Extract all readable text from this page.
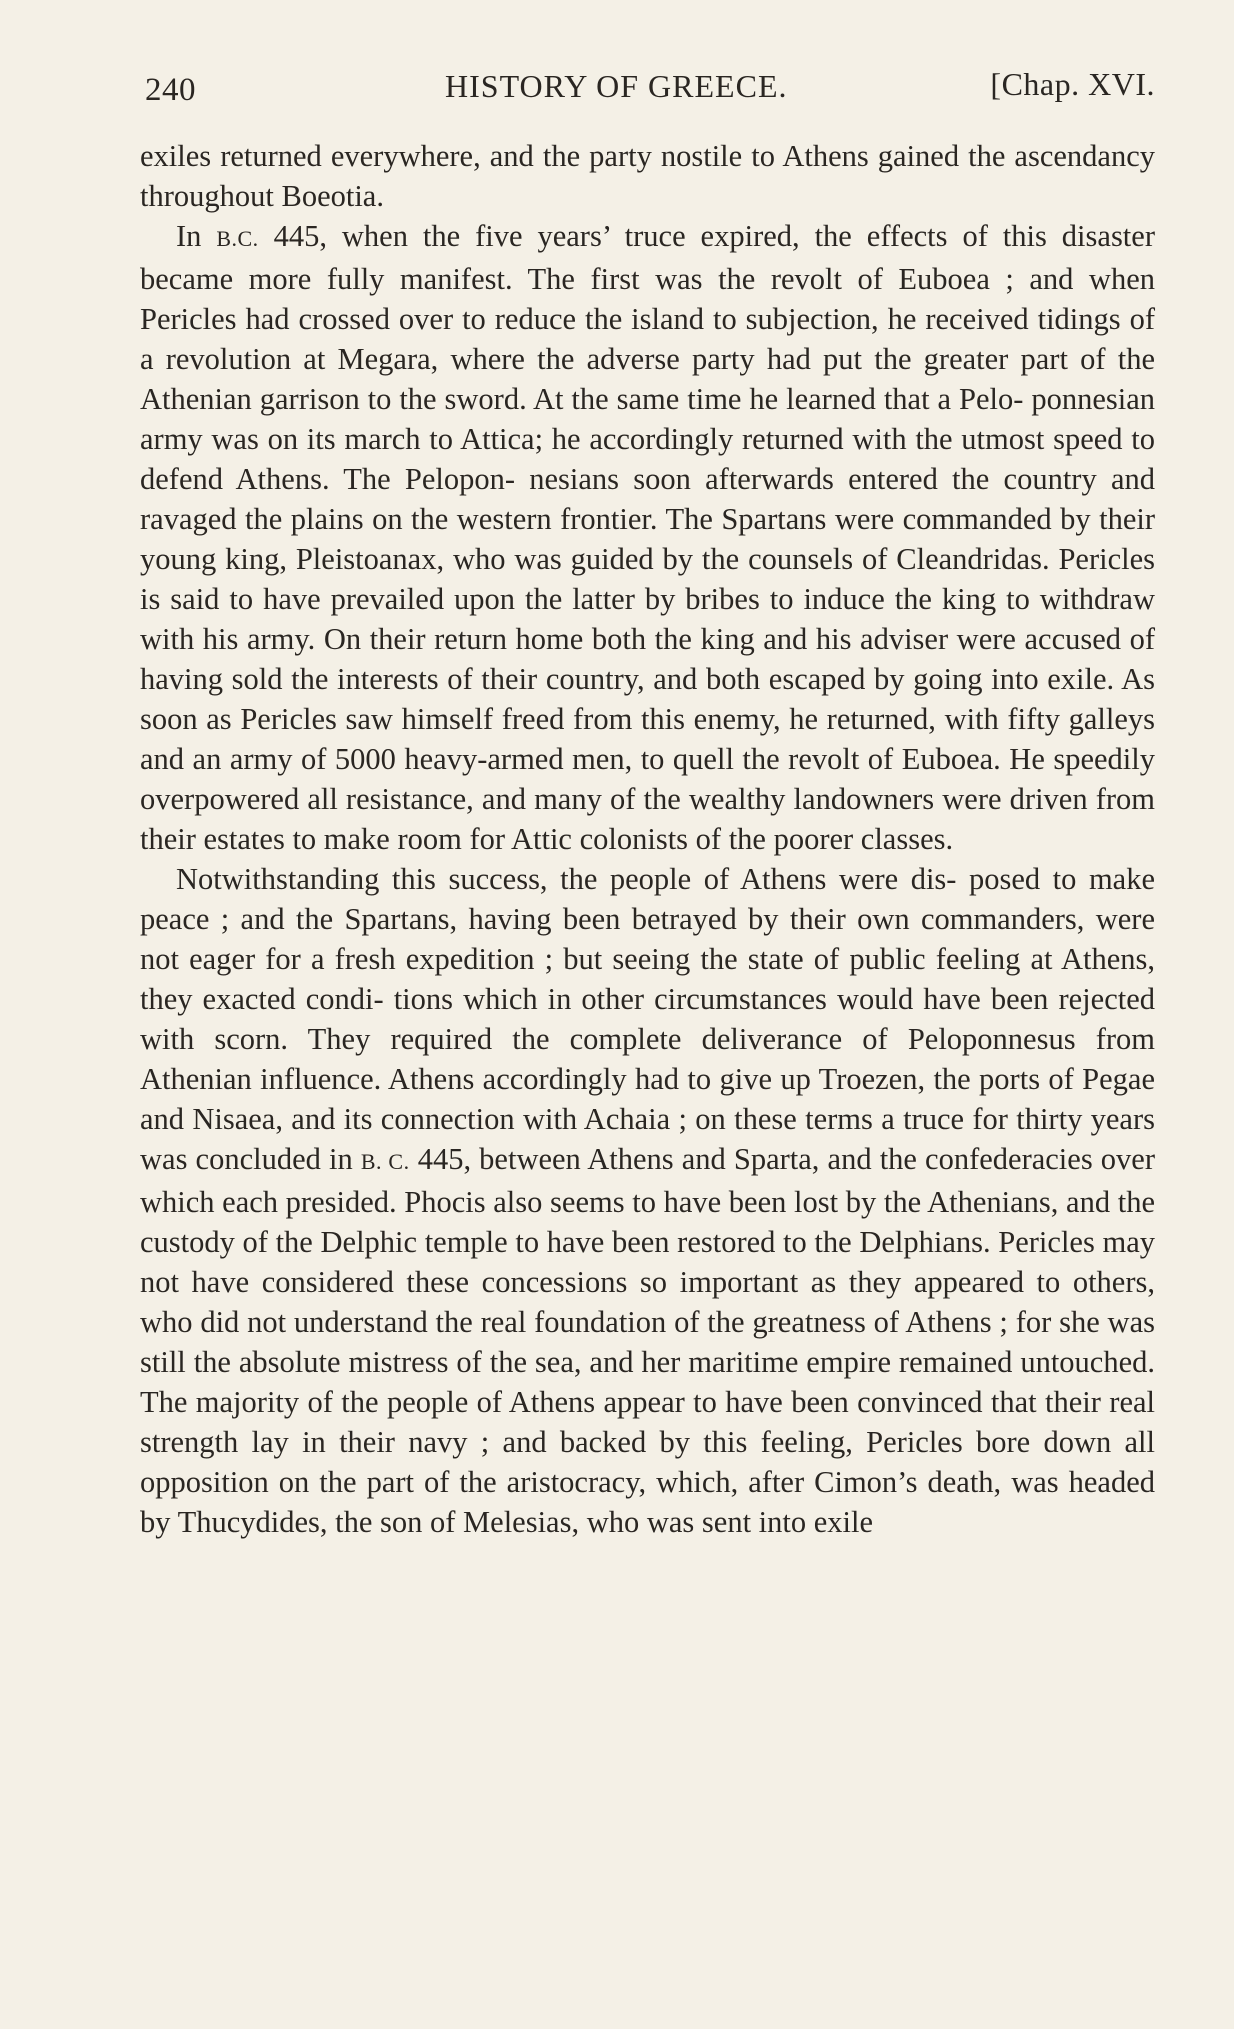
240	HISTORY OF GREECE.	[Chap. XVI.

exiles returned everywhere, and the party nostile to Athens gained the ascendancy throughout Boeotia.

In B.C. 445, when the five years’ truce expired, the effects of this disaster became more fully manifest. The first was the revolt of Euboea ; and when Pericles had crossed over to reduce the island to subjection, he received tidings of a revolution at Megara, where the adverse party had put the greater part of the Athenian garrison to the sword. At the same time he learned that a Pelo- ponnesian army was on its march to Attica; he accordingly returned with the utmost speed to defend Athens. The Pelopon- nesians soon afterwards entered the country and ravaged the plains on the western frontier. The Spartans were commanded by their young king, Pleistoanax, who was guided by the counsels of Cleandridas. Pericles is said to have prevailed upon the latter by bribes to induce the king to withdraw with his army. On their return home both the king and his adviser were accused of having sold the interests of their country, and both escaped by going into exile. As soon as Pericles saw himself freed from this enemy, he returned, with fifty galleys and an army of 5000 heavy-armed men, to quell the revolt of Euboea. He speedily overpowered all resistance, and many of the wealthy landowners were driven from their estates to make room for Attic colonists of the poorer classes.

Notwithstanding this success, the people of Athens were dis- posed to make peace ; and the Spartans, having been betrayed by their own commanders, were not eager for a fresh expedition ; but seeing the state of public feeling at Athens, they exacted condi- tions which in other circumstances would have been rejected with scorn. They required the complete deliverance of Peloponnesus from Athenian influence. Athens accordingly had to give up Troezen, the ports of Pegae and Nisaea, and its connection with Achaia ; on these terms a truce for thirty years was concluded in B. C. 445, between Athens and Sparta, and the confederacies over which each presided. Phocis also seems to have been lost by the Athenians, and the custody of the Delphic temple to have been restored to the Delphians. Pericles may not have considered these concessions so important as they appeared to others, who did not understand the real foundation of the greatness of Athens ; for she was still the absolute mistress of the sea, and her maritime empire remained untouched. The majority of the people of Athens appear to have been convinced that their real strength lay in their navy ; and backed by this feeling, Pericles bore down all opposition on the part of the aristocracy, which, after Cimon’s death, was headed by Thucydides, the son of Melesias, who was sent into exile
